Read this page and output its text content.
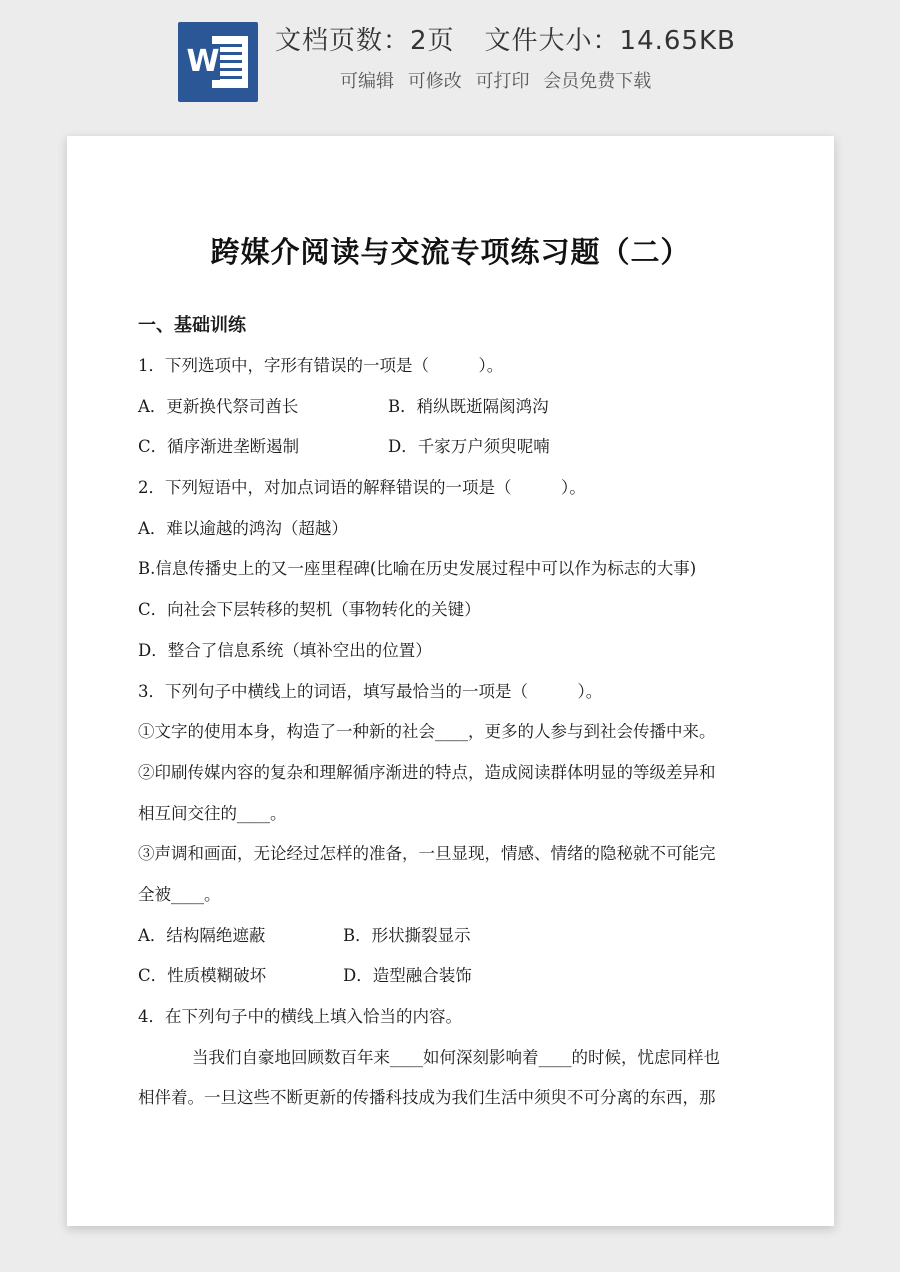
W
文档页数：2页 文件大小：14.65KB
可编辑 可修改 可打印 会员免费下载
跨媒介阅读与交流专项练习题（二）
一、基础训练
1．下列选项中，字形有错误的一项是（　　　）。
A．更新换代祭司酋长	B．稍纵既逝隔阂鸿沟
C．循序渐进垄断遏制	D．千家万户须臾呢喃
2．下列短语中，对加点词语的解释错误的一项是（　　　）。
A．难以逾越的鸿沟（超越）
B.信息传播史上的又一座里程碑(比喻在历史发展过程中可以作为标志的大事)
C．向社会下层转移的契机（事物转化的关键）
D．整合了信息系统（填补空出的位置）
3．下列句子中横线上的词语，填写最恰当的一项是（　　　）。
①文字的使用本身，构造了一种新的社会____，更多的人参与到社会传播中来。
②印刷传媒内容的复杂和理解循序渐进的特点，造成阅读群体明显的等级差异和
相互间交往的____。
③声调和画面，无论经过怎样的准备，一旦显现，情感、情绪的隐秘就不可能完
全被____。
A．结构隔绝遮蔽	B．形状撕裂显示
C．性质模糊破坏	D．造型融合装饰
4．在下列句子中的横线上填入恰当的内容。
当我们自豪地回顾数百年来____如何深刻影响着____的时候，忧虑同样也
相伴着。一旦这些不断更新的传播科技成为我们生活中须臾不可分离的东西，那
